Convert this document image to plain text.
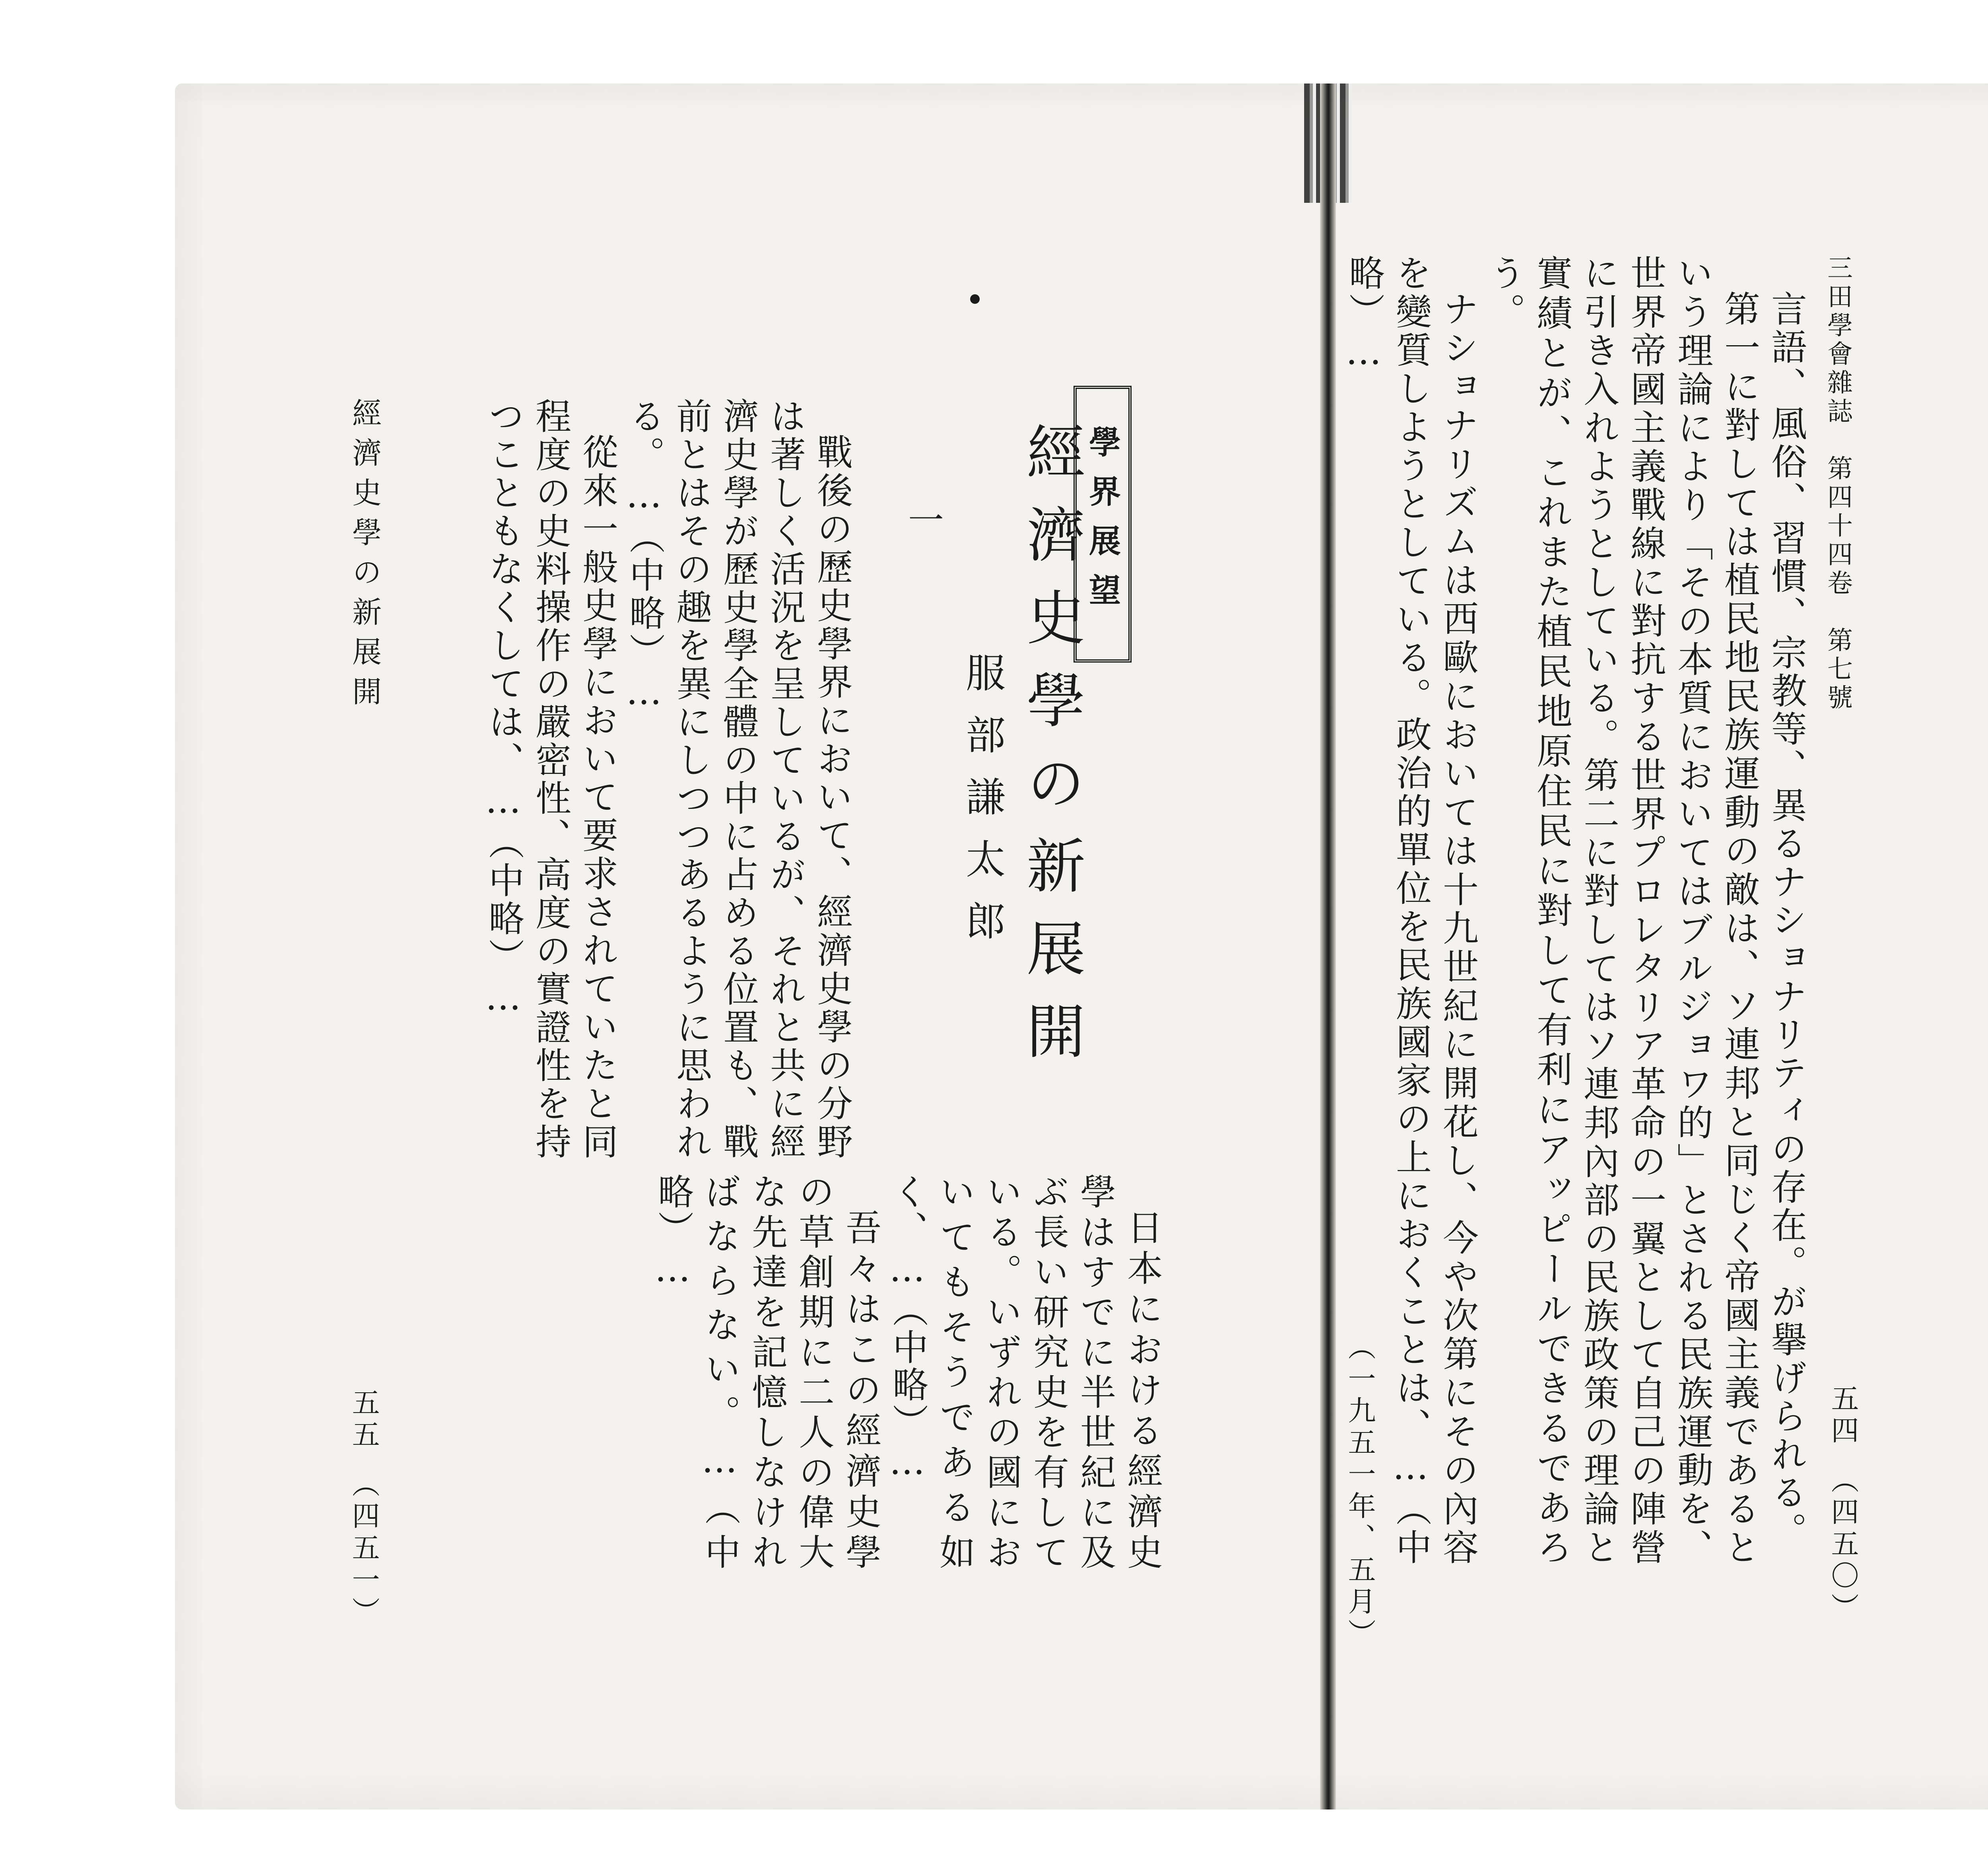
三田學會雜誌　第四十四卷　第七號
五四　（四五〇）

言語、風俗、習慣、宗教等、異るナショナリティの存在。が擧げられる。

第一に對しては植民地民族運動の敵は、ソ連邦と同じく帝國主義であるという理論により「その本質においてはブルジョワ的」とされる民族運動を、世界帝國主義戰線に對抗する世界プロレタリア革命の一翼として自己の陣營に引き入れようとしている。第二に對してはソ連邦內部の民族政策の理論と實績とが、これまた植民地原住民に對して有利にアッピールできるであろう。

ナショナリズムは西歐においては十九世紀に開花し、今や次第にその內容を變質しようとしている。政治的單位を民族國家の上におくことは、…（中略）…

（一九五一年、五月）
學界展望
經濟史學の新展開
服部謙太郎
一

戰後の歷史學界において、經濟史學の分野は著しく活況を呈しているが、それと共に經濟史學が歷史學全體の中に占める位置も、戰前とはその趣を異にしつつあるように思われる。…（中略）…

從來一般史學において要求されていたと同程度の史料操作の嚴密性、高度の實證性を持つこともなくしては、…（中略）…

日本における經濟史學はすでに半世紀に及ぶ長い研究史を有している。いずれの國においてもそうである如く、…（中略）…

吾々はこの經濟史學の草創期に二人の偉大な先達を記憶しなければならない。…（中略）…

經濟史學の新展開
五五　（四五一）
